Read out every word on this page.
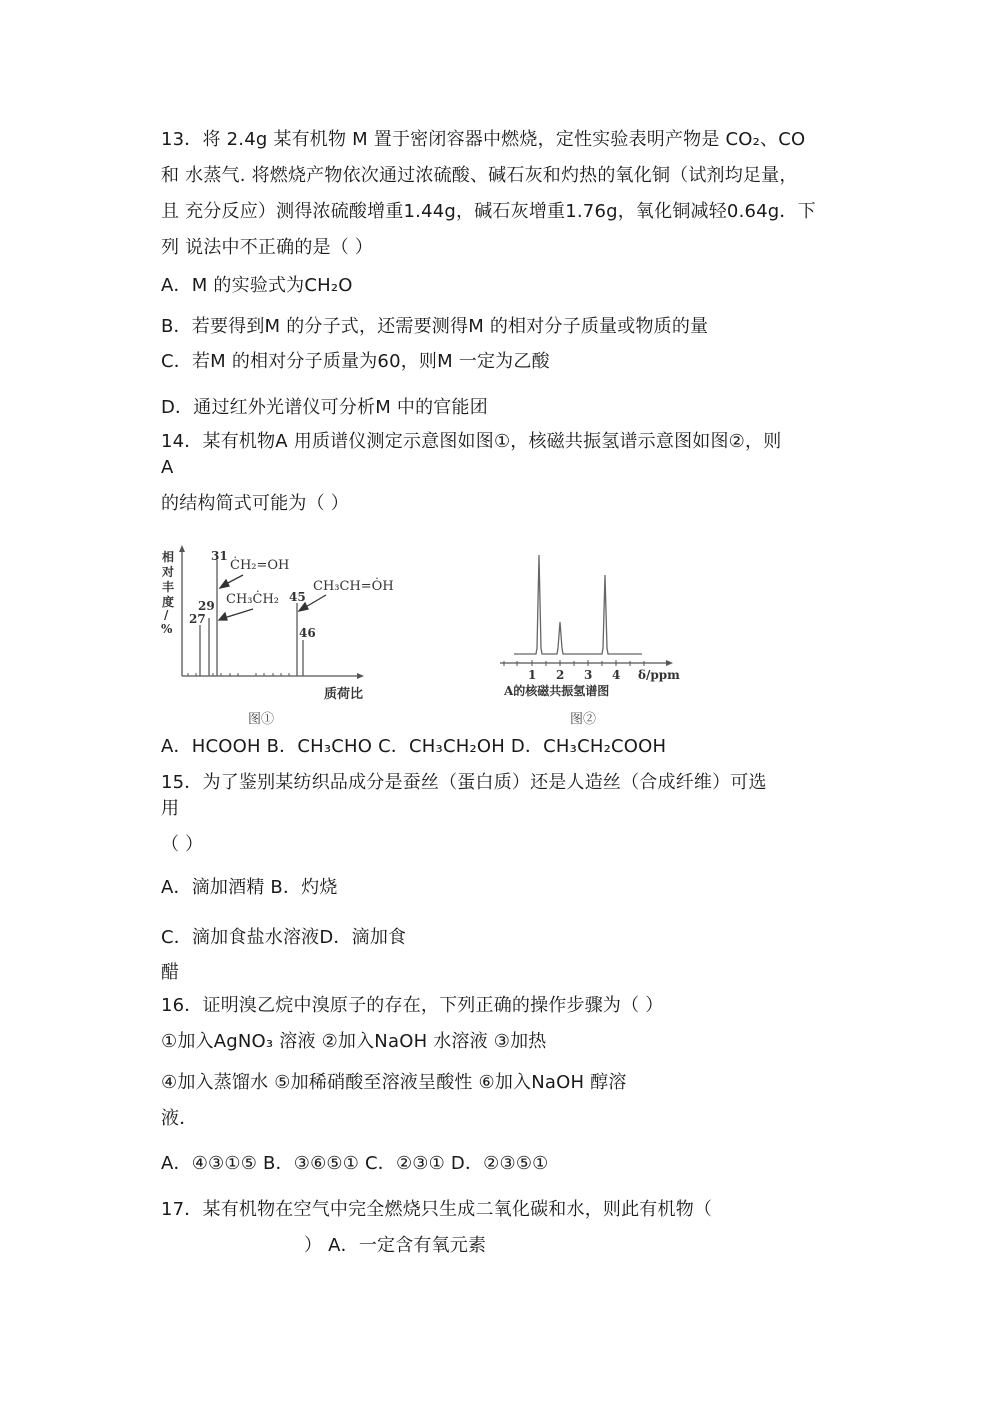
13．将 2.4g 某有机物 M 置于密闭容器中燃烧，定性实验表明产物是 CO₂、CO
和 水蒸气. 将燃烧产物依次通过浓硫酸、碱石灰和灼热的氧化铜（试剂均足量，
且 充分反应）测得浓硫酸增重1.44g，碱石灰增重1.76g，氧化铜减轻0.64g．下
列 说法中不正确的是（ ）
A．M 的实验式为CH₂O
B．若要得到M 的分子式，还需要测得M 的相对分子质量或物质的量
C．若M 的相对分子质量为60，则M 一定为乙酸
D．通过红外光谱仪可分析M 中的官能团
14．某有机物A 用质谱仪测定示意图如图①，核磁共振氢谱示意图如图②，则
A
的结构简式可能为（ ）
相
对
丰
度
/
%
27
29
31
45
46
ĊH₂=OH
CH₃ĊH₂
CH₃CH=ȮH
质荷比
图①
1 2 3 4 δ/ppm
A的核磁共振氢谱图
图②
A．HCOOH B．CH₃CHO C．CH₃CH₂OH D．CH₃CH₂COOH
15．为了鉴别某纺织品成分是蚕丝（蛋白质）还是人造丝（合成纤维）可选
用
（ ）
A．滴加酒精 B．灼烧
C．滴加食盐水溶液D．滴加食
醋
16．证明溴乙烷中溴原子的存在，下列正确的操作步骤为（ ）
①加入AgNO₃ 溶液 ②加入NaOH 水溶液 ③加热
④加入蒸馏水 ⑤加稀硝酸至溶液呈酸性 ⑥加入NaOH 醇溶
液．
A．④③①⑤ B．③⑥⑤① C．②③① D．②③⑤①
17．某有机物在空气中完全燃烧只生成二氧化碳和水，则此有机物（
） A．一定含有氧元素
